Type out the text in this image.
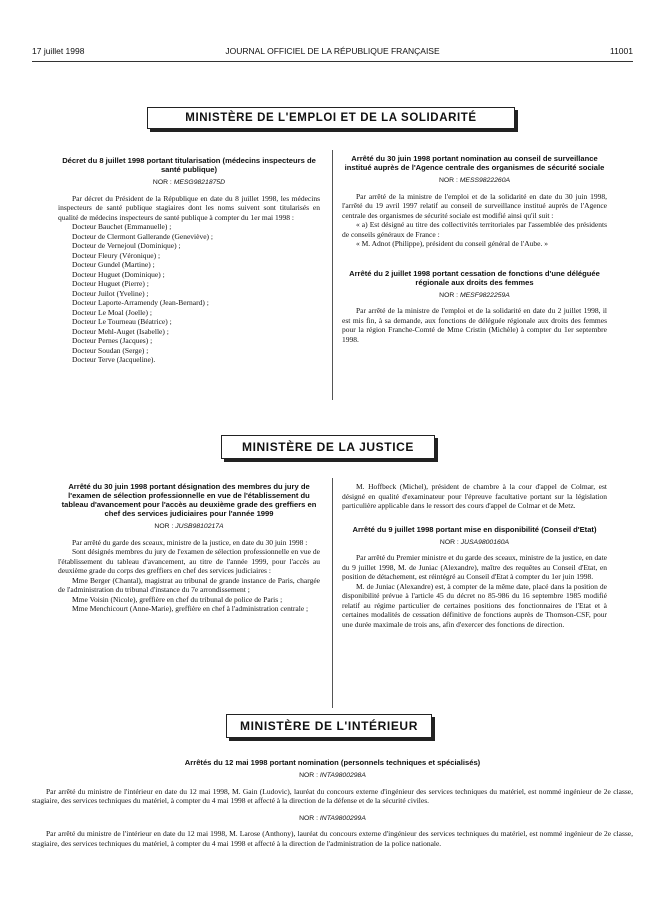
17 juillet 1998	JOURNAL OFFICIEL DE LA RÉPUBLIQUE FRANÇAISE	11001
MINISTÈRE DE L'EMPLOI ET DE LA SOLIDARITÉ
Décret du 8 juillet 1998 portant titularisation (médecins inspecteurs de santé publique)
NOR : MESG9821875D

Par décret du Président de la République en date du 8 juillet 1998, les médecins inspecteurs de santé publique stagiaires dont les noms suivent sont titularisés en qualité de médecins inspecteurs de santé publique à compter du 1er mai 1998 :

Docteur Bauchet (Emmanuelle) ;
Docteur de Clermont Gallerande (Geneviève) ;
Docteur de Vernejoul (Dominique) ;
Docteur Fleury (Véronique) ;
Docteur Gundel (Martine) ;
Docteur Huguet (Dominique) ;
Docteur Huguet (Pierre) ;
Docteur Juilot (Yveline) ;
Docteur Laporte-Arramendy (Jean-Bernard) ;
Docteur Le Moal (Joelle) ;
Docteur Le Tourneau (Béatrice) ;
Docteur Mehl-Auget (Isabelle) ;
Docteur Pernes (Jacques) ;
Docteur Soudan (Serge) ;
Docteur Terve (Jacqueline).
Arrêté du 30 juin 1998 portant nomination au conseil de surveillance institué auprès de l'Agence centrale des organismes de sécurité sociale
NOR : MESS9822260A

Par arrêté de la ministre de l'emploi et de la solidarité en date du 30 juin 1998, l'arrêté du 19 avril 1997 relatif au conseil de surveillance institué auprès de l'Agence centrale des organismes de sécurité sociale est modifié ainsi qu'il suit :

« a) Est désigné au titre des collectivités territoriales par l'assemblée des présidents de conseils généraux de France :

« M. Adnot (Philippe), président du conseil général de l'Aube. »

Arrêté du 2 juillet 1998 portant cessation de fonctions d'une déléguée régionale aux droits des femmes
NOR : MESF9822259A

Par arrêté de la ministre de l'emploi et de la solidarité en date du 2 juillet 1998, il est mis fin, à sa demande, aux fonctions de déléguée régionale aux droits des femmes pour la région Franche-Comté de Mme Cristin (Michèle) à compter du 1er septembre 1998.

MINISTÈRE DE LA JUSTICE
Arrêté du 30 juin 1998 portant désignation des membres du jury de l'examen de sélection professionnelle en vue de l'établissement du tableau d'avancement pour l'accès au deuxième grade des greffiers en chef des services judiciaires pour l'année 1999
NOR : JUSB9810217A

Par arrêté du garde des sceaux, ministre de la justice, en date du 30 juin 1998 :

Sont désignés membres du jury de l'examen de sélection professionnelle en vue de l'établissement du tableau d'avancement, au titre de l'année 1999, pour l'accès au deuxième grade du corps des greffiers en chef des services judiciaires :

Mme Berger (Chantal), magistrat au tribunal de grande instance de Paris, chargée de l'administration du tribunal d'instance du 7e arrondissement ;

Mme Voisin (Nicole), greffière en chef du tribunal de police de Paris ;

Mme Menchicourt (Anne-Marie), greffière en chef à l'administration centrale ;

M. Hoffbeck (Michel), président de chambre à la cour d'appel de Colmar, est désigné en qualité d'examinateur pour l'épreuve facultative portant sur la législation particulière applicable dans le ressort des cours d'appel de Colmar et de Metz.

Arrêté du 9 juillet 1998 portant mise en disponibilité (Conseil d'Etat)
NOR : JUSA9800160A

Par arrêté du Premier ministre et du garde des sceaux, ministre de la justice, en date du 9 juillet 1998, M. de Juniac (Alexandre), maître des requêtes au Conseil d'Etat, en position de détachement, est réintégré au Conseil d'Etat à compter du 1er juin 1998.

M. de Juniac (Alexandre) est, à compter de la même date, placé dans la position de disponibilité prévue à l'article 45 du décret no 85-986 du 16 septembre 1985 modifié relatif au régime particulier de certaines positions des fonctionnaires de l'Etat et à certaines modalités de cessation définitive de fonctions auprès de Thomson-CSF, pour une durée maximale de trois ans, afin d'exercer des fonctions de direction.

MINISTÈRE DE L'INTÉRIEUR
Arrêtés du 12 mai 1998 portant nomination (personnels techniques et spécialisés)
NOR : INTA9800298A

Par arrêté du ministre de l'intérieur en date du 12 mai 1998, M. Gain (Ludovic), lauréat du concours externe d'ingénieur des services techniques du matériel, est nommé ingénieur de 2e classe, stagiaire, des services techniques du matériel, à compter du 4 mai 1998 et affecté à la direction de la défense et de la sécurité civiles.

NOR : INTA9800299A

Par arrêté du ministre de l'intérieur en date du 12 mai 1998, M. Larose (Anthony), lauréat du concours externe d'ingénieur des services techniques du matériel, est nommé ingénieur de 2e classe, stagiaire, des services techniques du matériel, à compter du 4 mai 1998 et affecté à la direction de l'administration de la police nationale.
